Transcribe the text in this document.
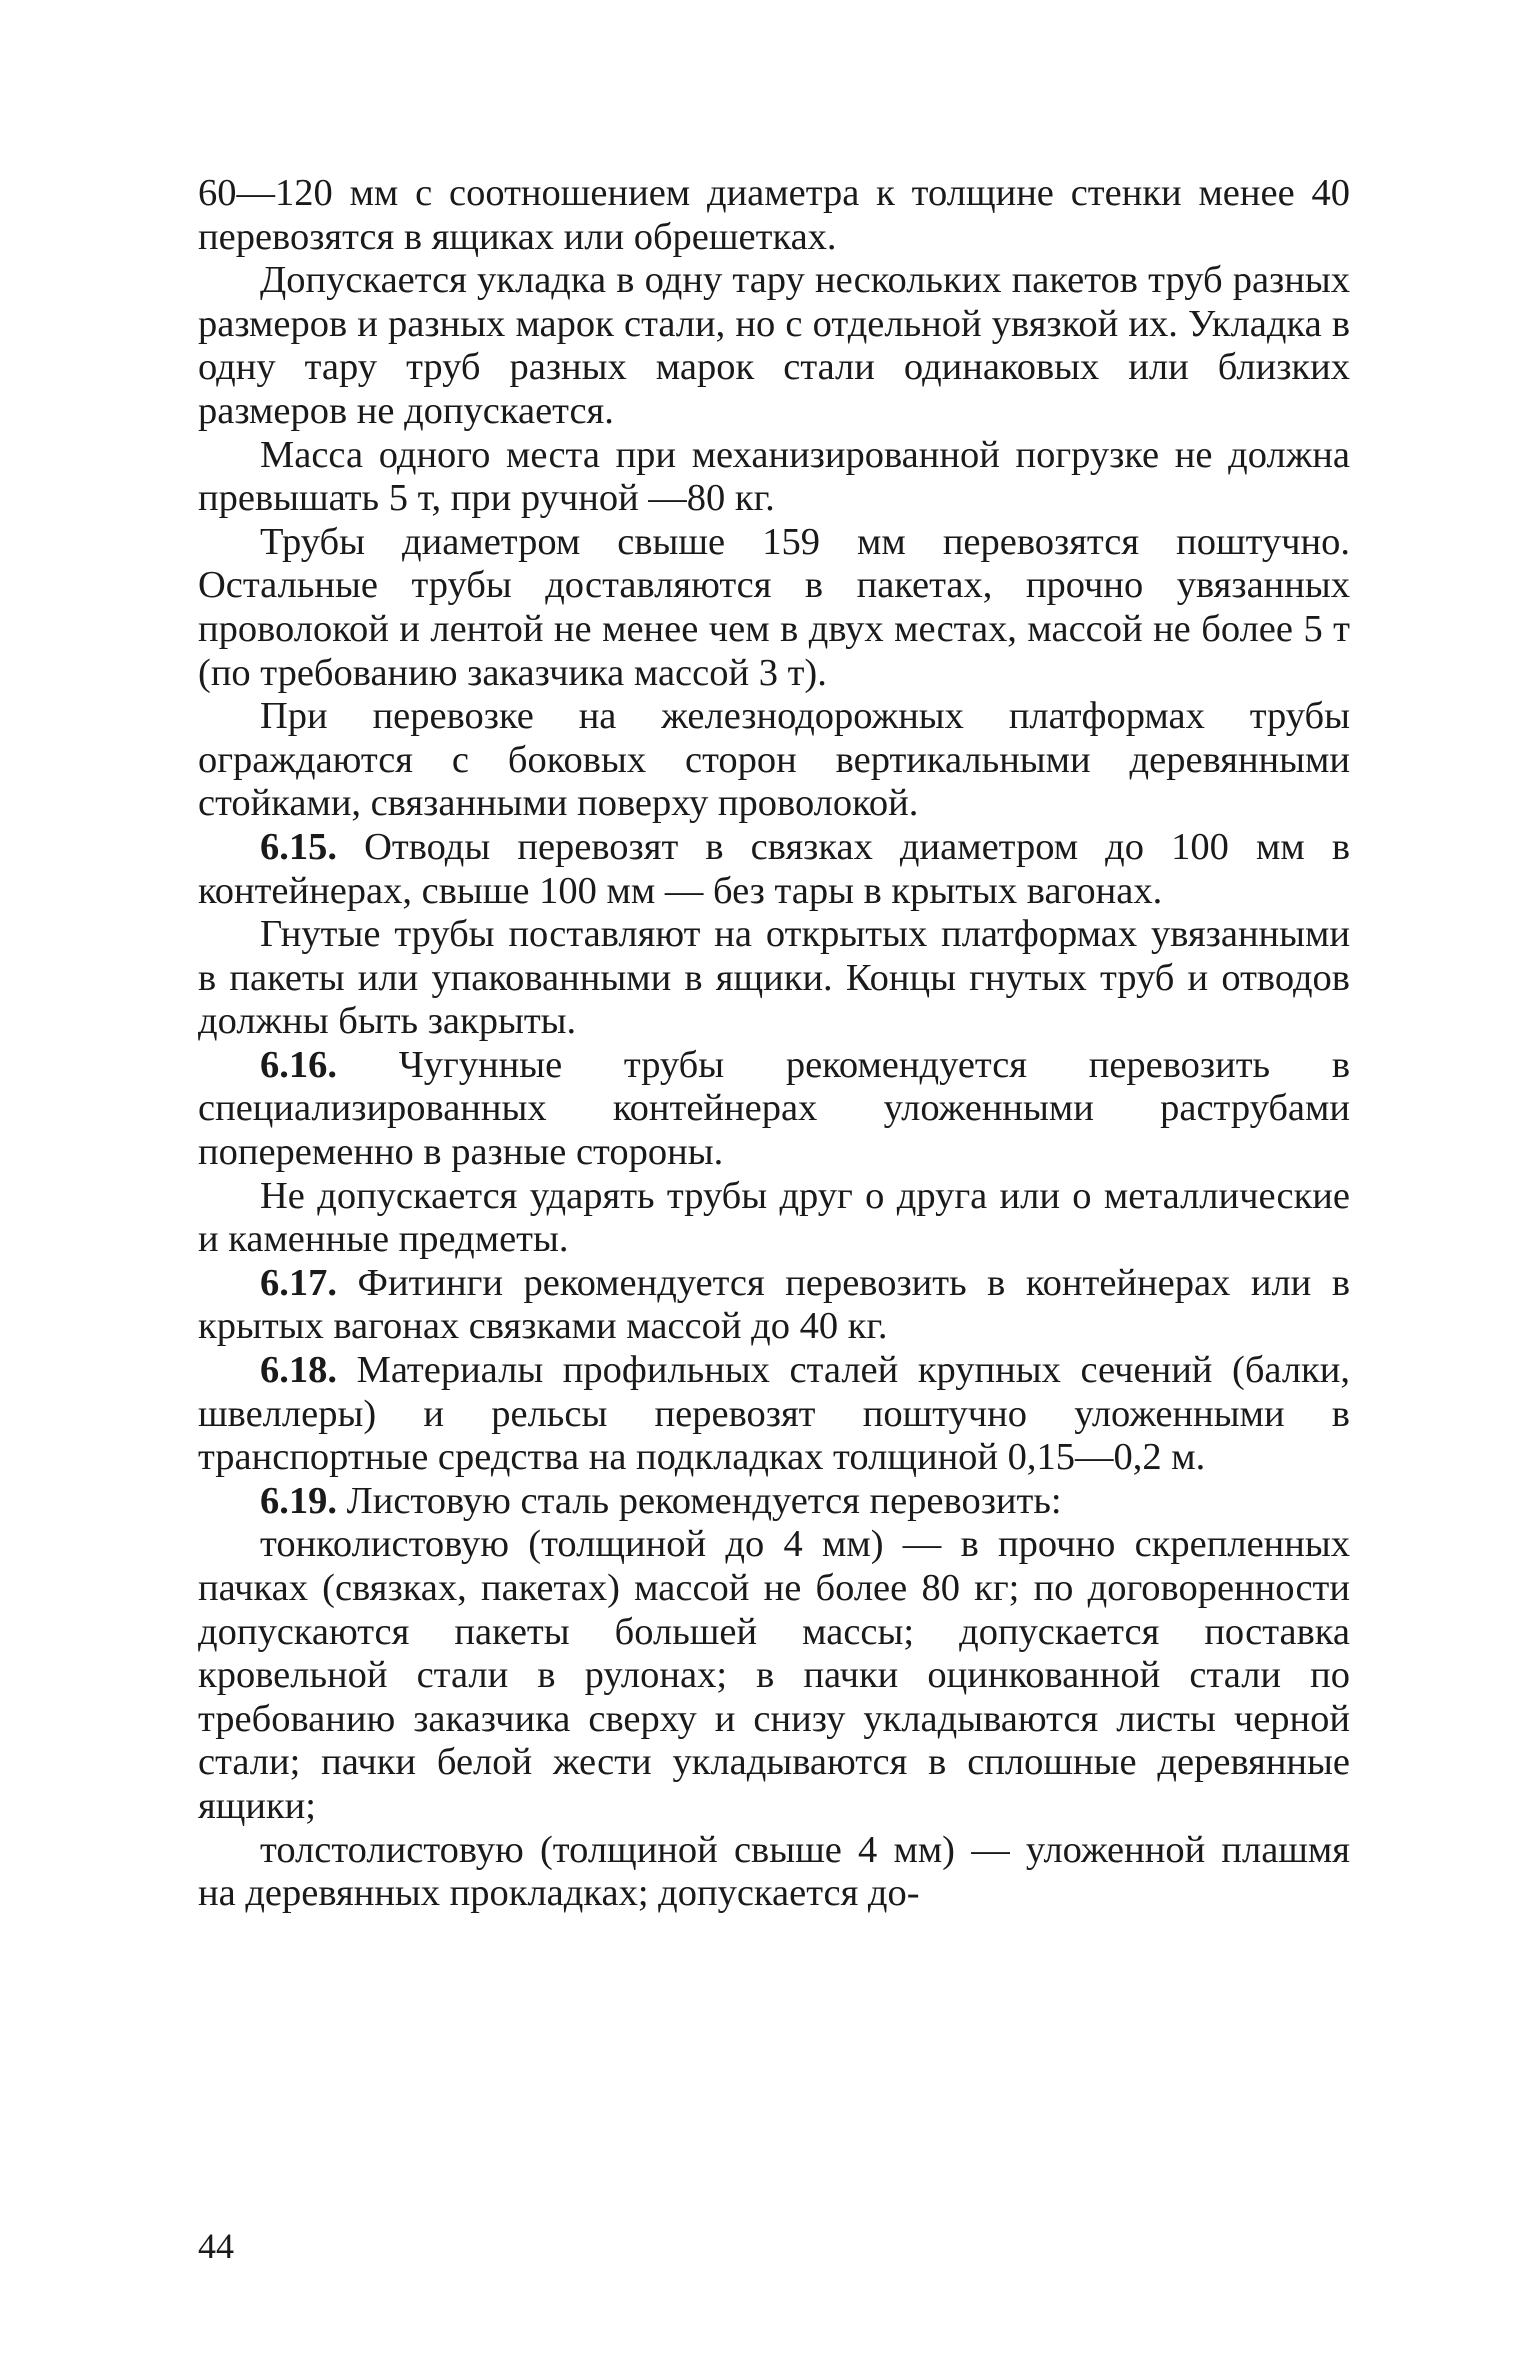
60—120 мм с соотношением диаметра к толщине стенки менее 40 перевозятся в ящиках или обрешетках.

Допускается укладка в одну тару нескольких пакетов труб разных размеров и разных марок стали, но с отдельной увязкой их. Укладка в одну тару труб разных марок стали одинаковых или близких размеров не допускается.

Масса одного места при механизированной погрузке не должна превышать 5 т, при ручной —80 кг.

Трубы диаметром свыше 159 мм перевозятся поштучно. Остальные трубы доставляются в пакетах, прочно увязанных проволокой и лентой не менее чем в двух местах, массой не более 5 т (по требованию заказчика массой 3 т).

При перевозке на железнодорожных платформах трубы ограждаются с боковых сторон вертикальными деревянными стойками, связанными поверху проволокой.

6.15. Отводы перевозят в связках диаметром до 100 мм в контейнерах, свыше 100 мм — без тары в крытых вагонах.

Гнутые трубы поставляют на открытых платформах увязанными в пакеты или упакованными в ящики. Концы гнутых труб и отводов должны быть закрыты.

6.16. Чугунные трубы рекомендуется перевозить в специализированных контейнерах уложенными раструбами попеременно в разные стороны.

Не допускается ударять трубы друг о друга или о металлические и каменные предметы.

6.17. Фитинги рекомендуется перевозить в контейнерах или в крытых вагонах связками массой до 40 кг.

6.18. Материалы профильных сталей крупных сечений (балки, швеллеры) и рельсы перевозят поштучно уложенными в транспортные средства на подкладках толщиной 0,15—0,2 м.

6.19. Листовую сталь рекомендуется перевозить:

тонколистовую (толщиной до 4 мм) — в прочно скрепленных пачках (связках, пакетах) массой не более 80 кг; по договоренности допускаются пакеты большей массы; допускается поставка кровельной стали в рулонах; в пачки оцинкованной стали по требованию заказчика сверху и снизу укладываются листы черной стали; пачки белой жести укладываются в сплошные деревянные ящики;

толстолистовую (толщиной свыше 4 мм) — уложенной плашмя на деревянных прокладках; допускается до-

44
